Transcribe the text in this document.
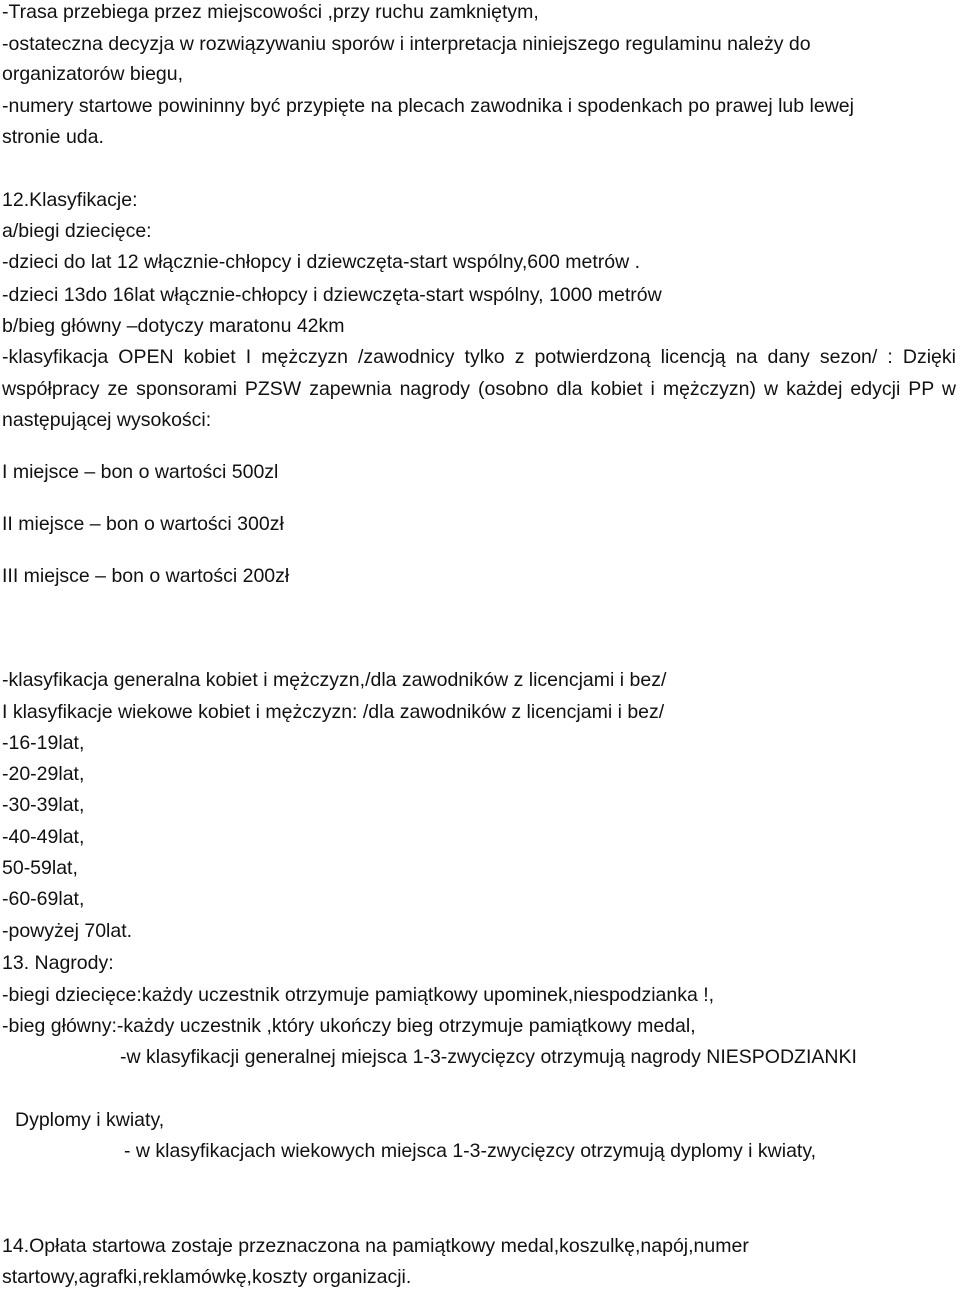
-Trasa przebiega przez miejscowości ,przy ruchu zamkniętym,
-ostateczna decyzja w rozwiązywaniu sporów i interpretacja niniejszego regulaminu należy do
organizatorów biegu,
-numery startowe powininny być przypięte na plecach zawodnika i spodenkach po prawej lub lewej
stronie uda.
12.Klasyfikacje:
a/biegi dziecięce:
-dzieci do lat 12 włącznie-chłopcy i dziewczęta-start wspólny,600 metrów .
-dzieci 13do 16lat włącznie-chłopcy i dziewczęta-start wspólny, 1000 metrów
b/bieg główny –dotyczy maratonu 42km
-klasyfikacja OPEN kobiet I mężczyzn /zawodnicy tylko z potwierdzoną licencją na dany sezon/ : Dzięki
współpracy ze sponsorami PZSW zapewnia nagrody (osobno dla kobiet i mężczyzn) w każdej edycji PP w
następującej wysokości:
I miejsce – bon o wartości 500zl
II miejsce – bon o wartości 300zł
III miejsce – bon o wartości 200zł
-klasyfikacja generalna kobiet i mężczyzn,/dla zawodników z licencjami i bez/
I klasyfikacje wiekowe kobiet i mężczyzn: /dla zawodników z licencjami i bez/
-16-19lat,
-20-29lat,
-30-39lat,
-40-49lat,
50-59lat,
-60-69lat,
-powyżej 70lat.
13. Nagrody:
-biegi dziecięce:każdy uczestnik otrzymuje pamiątkowy upominek,niespodzianka !,
-bieg główny:-każdy uczestnik ,który ukończy bieg otrzymuje pamiątkowy medal,
-w klasyfikacji generalnej miejsca 1-3-zwycięzcy otrzymują nagrody NIESPODZIANKI
Dyplomy i kwiaty,
- w klasyfikacjach wiekowych miejsca 1-3-zwycięzcy otrzymują dyplomy i kwiaty,
14.Opłata startowa zostaje przeznaczona na pamiątkowy medal,koszulkę,napój,numer
startowy,agrafki,reklamówkę,koszty organizacji.
